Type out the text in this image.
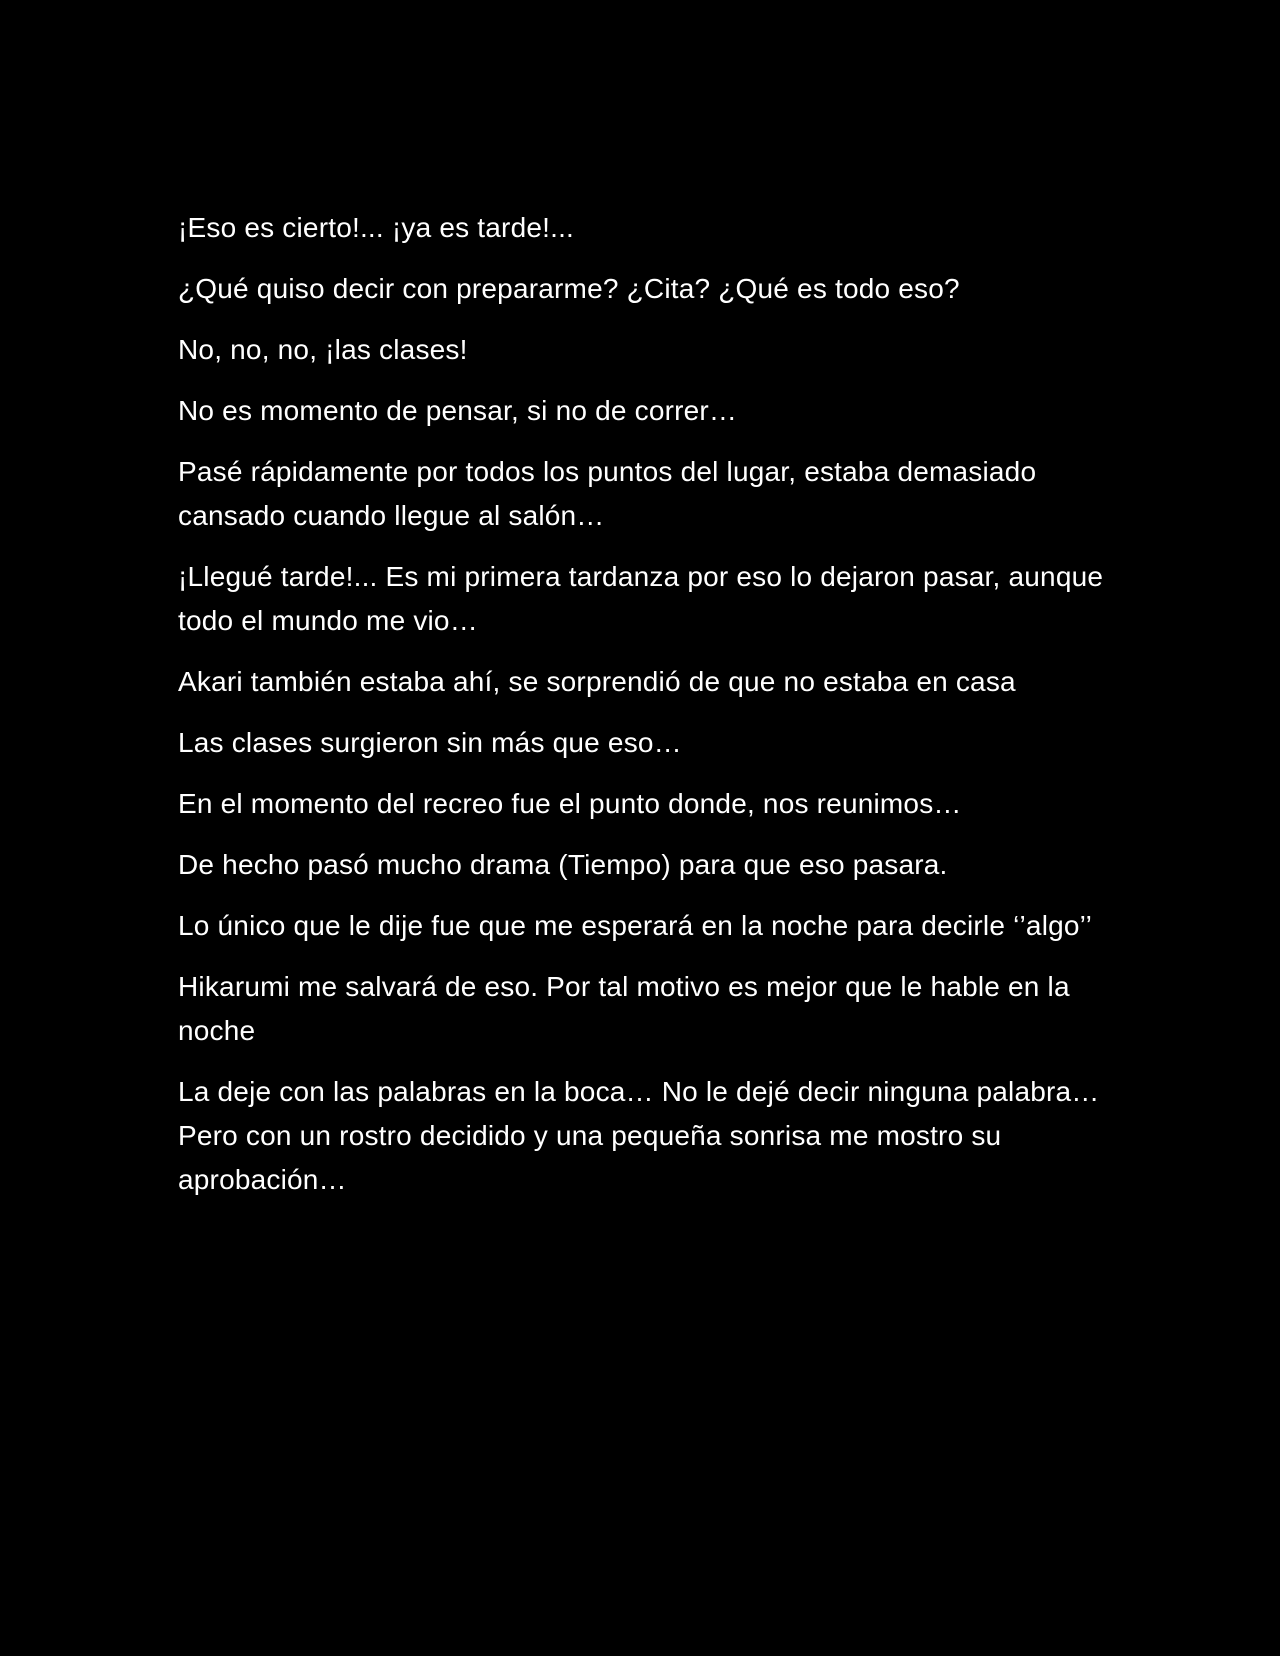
¡Eso es cierto!... ¡ya es tarde!...

¿Qué quiso decir con prepararme? ¿Cita? ¿Qué es todo eso?

No, no, no, ¡las clases!

No es momento de pensar, si no de correr…

Pasé rápidamente por todos los puntos del lugar, estaba demasiado cansado cuando llegue al salón…

¡Llegué tarde!... Es mi primera tardanza por eso lo dejaron pasar, aunque todo el mundo me vio…

Akari también estaba ahí, se sorprendió de que no estaba en casa

Las clases surgieron sin más que eso…

En el momento del recreo fue el punto donde, nos reunimos…

De hecho pasó mucho drama (Tiempo) para que eso pasara.

Lo único que le dije fue que me esperará en la noche para decirle ‘’algo’’

Hikarumi me salvará de eso. Por tal motivo es mejor que le hable en la noche

La deje con las palabras en la boca… No le dejé decir ninguna palabra… Pero con un rostro decidido y una pequeña sonrisa me mostro su aprobación…
